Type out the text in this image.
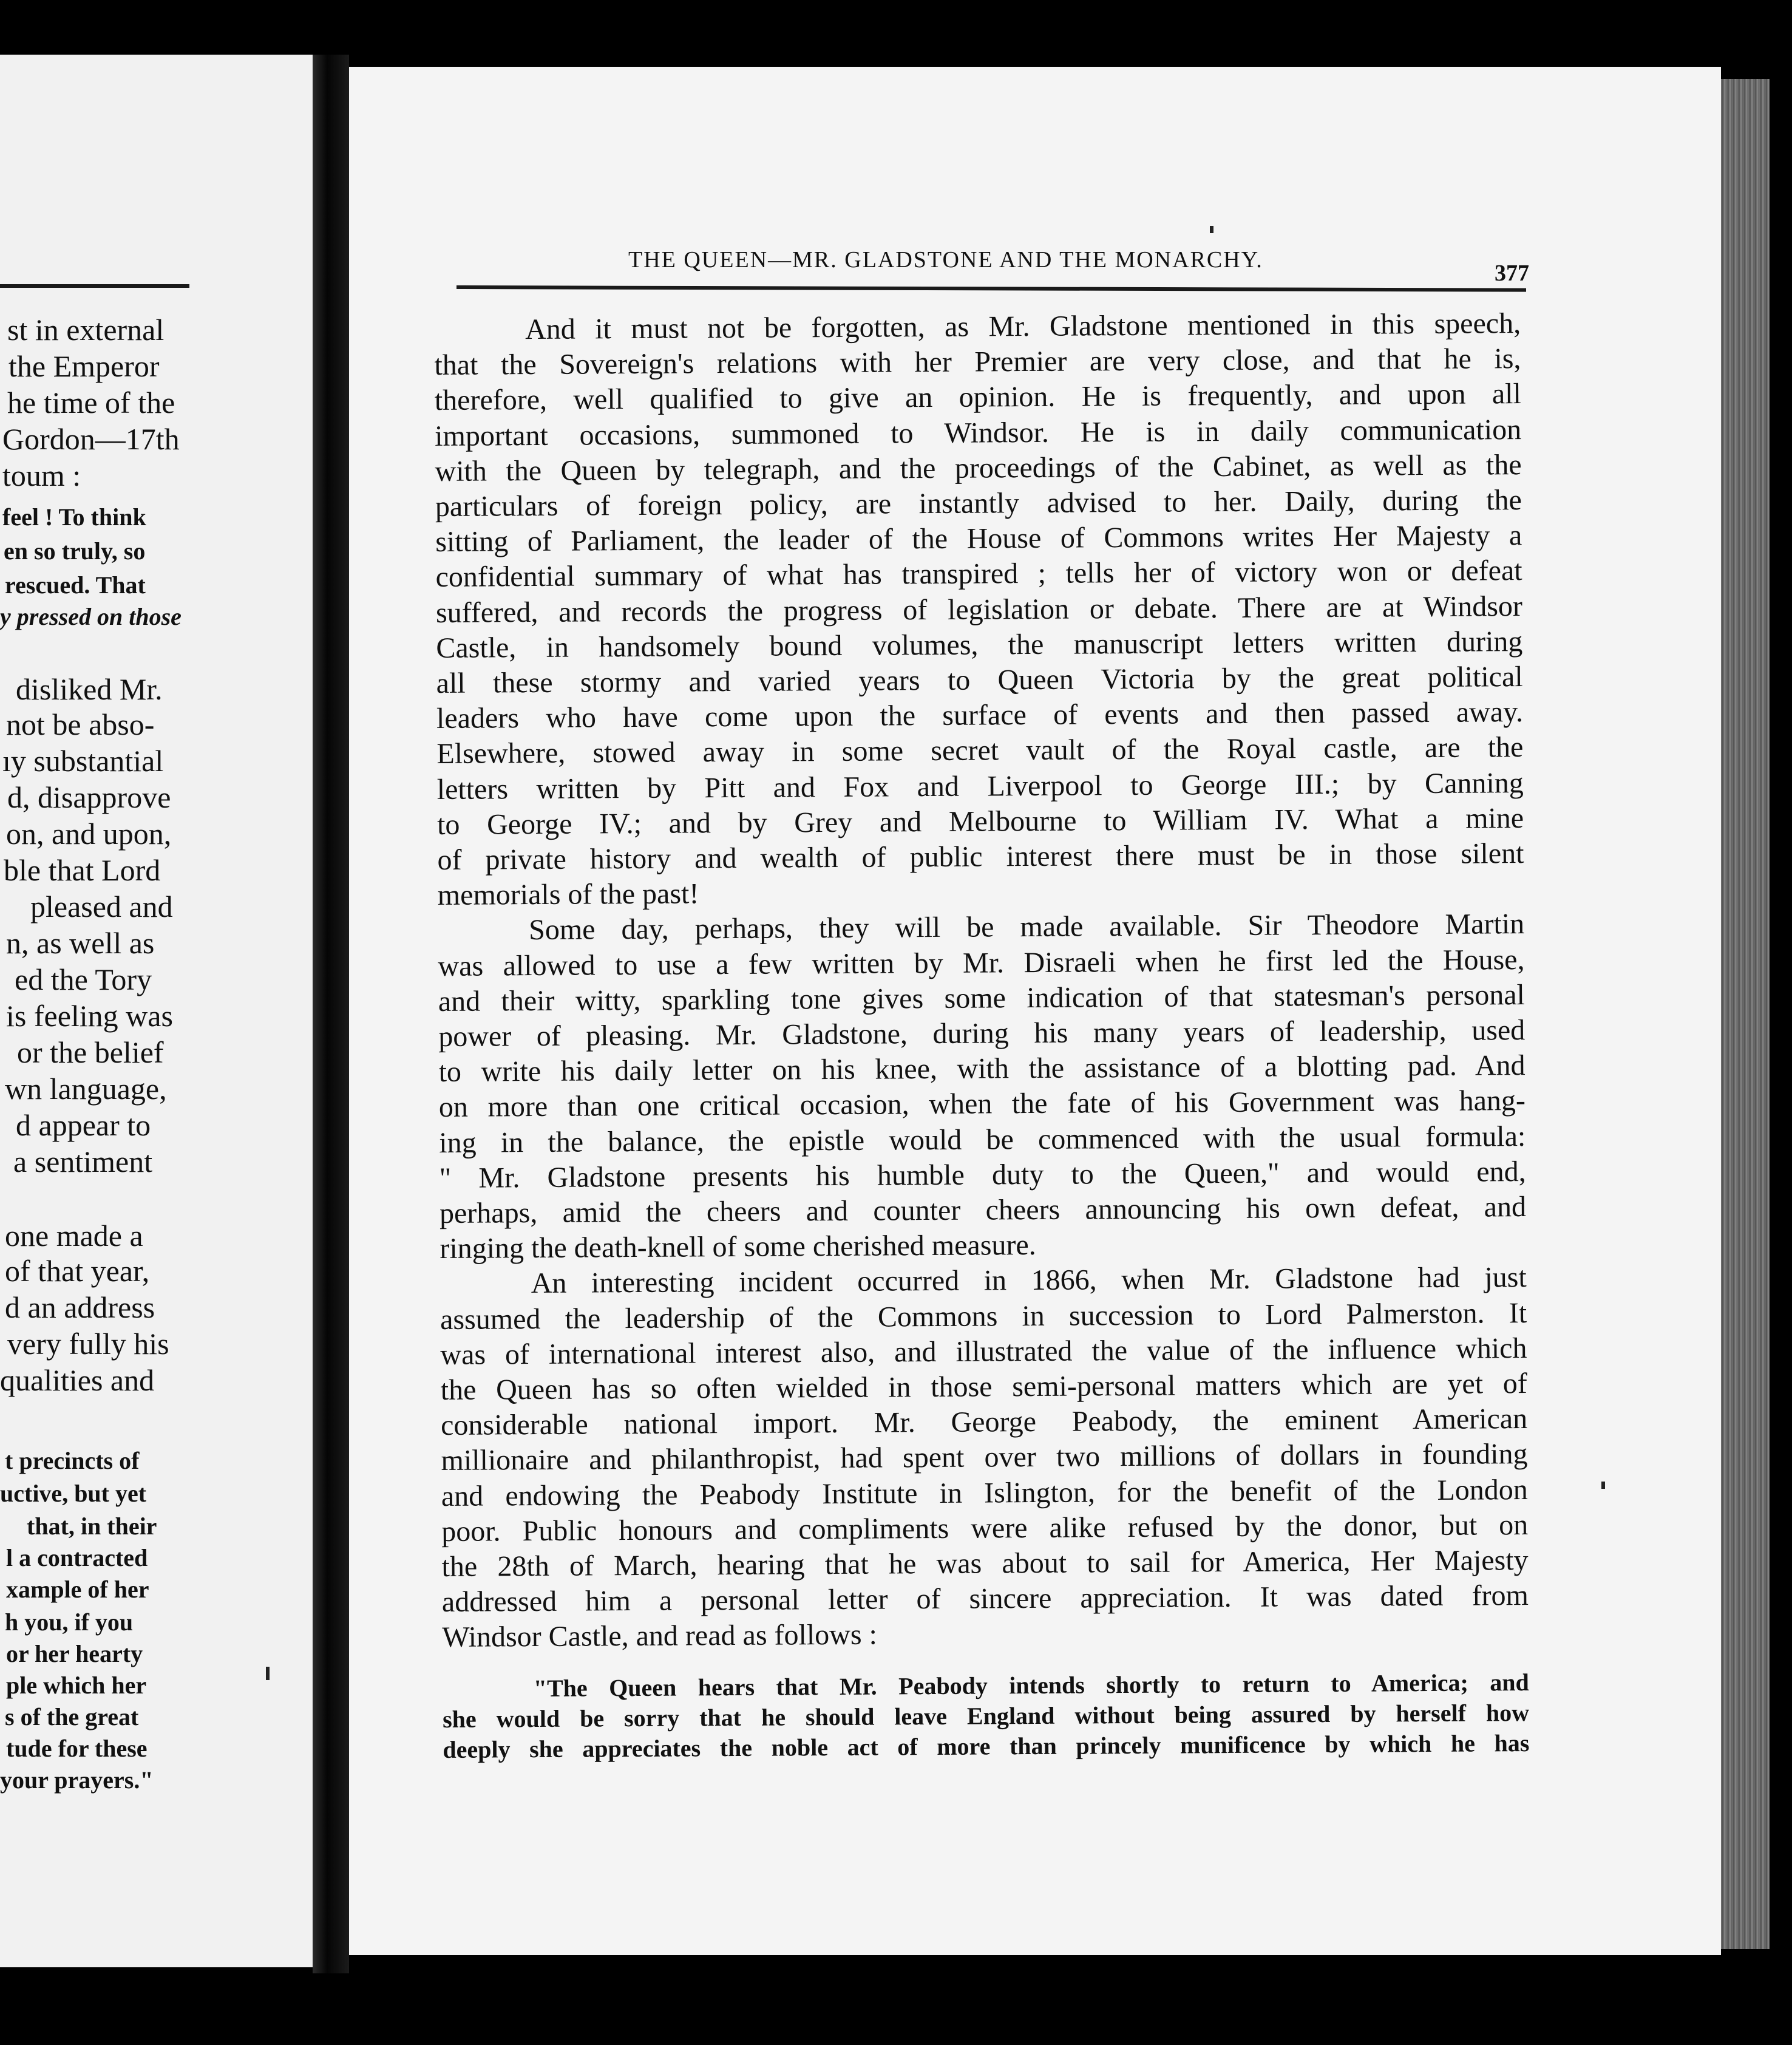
st in external
the Emperor
he time of the
Gordon—17th
toum :
feel ! To think
en so truly, so
rescued. That
y pressed on those
disliked Mr.
not be abso-
ıy substantial
d, disapprove
on, and upon,
ble that Lord
pleased and
n, as well as
ed the Tory
is feeling was
or the belief
wn language,
d appear to
a sentiment
one made a
of that year,
d an address
very fully his
qualities and
t precincts of
uctive, but yet
that, in their
l a contracted
xample of her
h you, if you
or her hearty
ple which her
s of the great
tude for these
your prayers."
THE QUEEN—MR. GLADSTONE AND THE MONARCHY.
377
And it must not be forgotten, as Mr. Gladstone mentioned in this speech,
that the Sovereign's relations with her Premier are very close, and that he is,
therefore, well qualified to give an opinion. He is frequently, and upon all
important occasions, summoned to Windsor. He is in daily communication
with the Queen by telegraph, and the proceedings of the Cabinet, as well as the
particulars of foreign policy, are instantly advised to her. Daily, during the
sitting of Parliament, the leader of the House of Commons writes Her Majesty a
confidential summary of what has transpired ; tells her of victory won or defeat
suffered, and records the progress of legislation or debate. There are at Windsor
Castle, in handsomely bound volumes, the manuscript letters written during
all these stormy and varied years to Queen Victoria by the great political
leaders who have come upon the surface of events and then passed away.
Elsewhere, stowed away in some secret vault of the Royal castle, are the
letters written by Pitt and Fox and Liverpool to George III.; by Canning
to George IV.; and by Grey and Melbourne to William IV. What a mine
of private history and wealth of public interest there must be in those silent
memorials of the past!
Some day, perhaps, they will be made available. Sir Theodore Martin
was allowed to use a few written by Mr. Disraeli when he first led the House,
and their witty, sparkling tone gives some indication of that statesman's personal
power of pleasing. Mr. Gladstone, during his many years of leadership, used
to write his daily letter on his knee, with the assistance of a blotting pad. And
on more than one critical occasion, when the fate of his Government was hang-
ing in the balance, the epistle would be commenced with the usual formula:
" Mr. Gladstone presents his humble duty to the Queen," and would end,
perhaps, amid the cheers and counter cheers announcing his own defeat, and
ringing the death-knell of some cherished measure.
An interesting incident occurred in 1866, when Mr. Gladstone had just
assumed the leadership of the Commons in succession to Lord Palmerston. It
was of international interest also, and illustrated the value of the influence which
the Queen has so often wielded in those semi-personal matters which are yet of
considerable national import. Mr. George Peabody, the eminent American
millionaire and philanthropist, had spent over two millions of dollars in founding
and endowing the Peabody Institute in Islington, for the benefit of the London
poor. Public honours and compliments were alike refused by the donor, but on
the 28th of March, hearing that he was about to sail for America, Her Majesty
addressed him a personal letter of sincere appreciation. It was dated from
Windsor Castle, and read as follows :
"The Queen hears that Mr. Peabody intends shortly to return to America; and
she would be sorry that he should leave England without being assured by herself how
deeply she appreciates the noble act of more than princely munificence by which he has
